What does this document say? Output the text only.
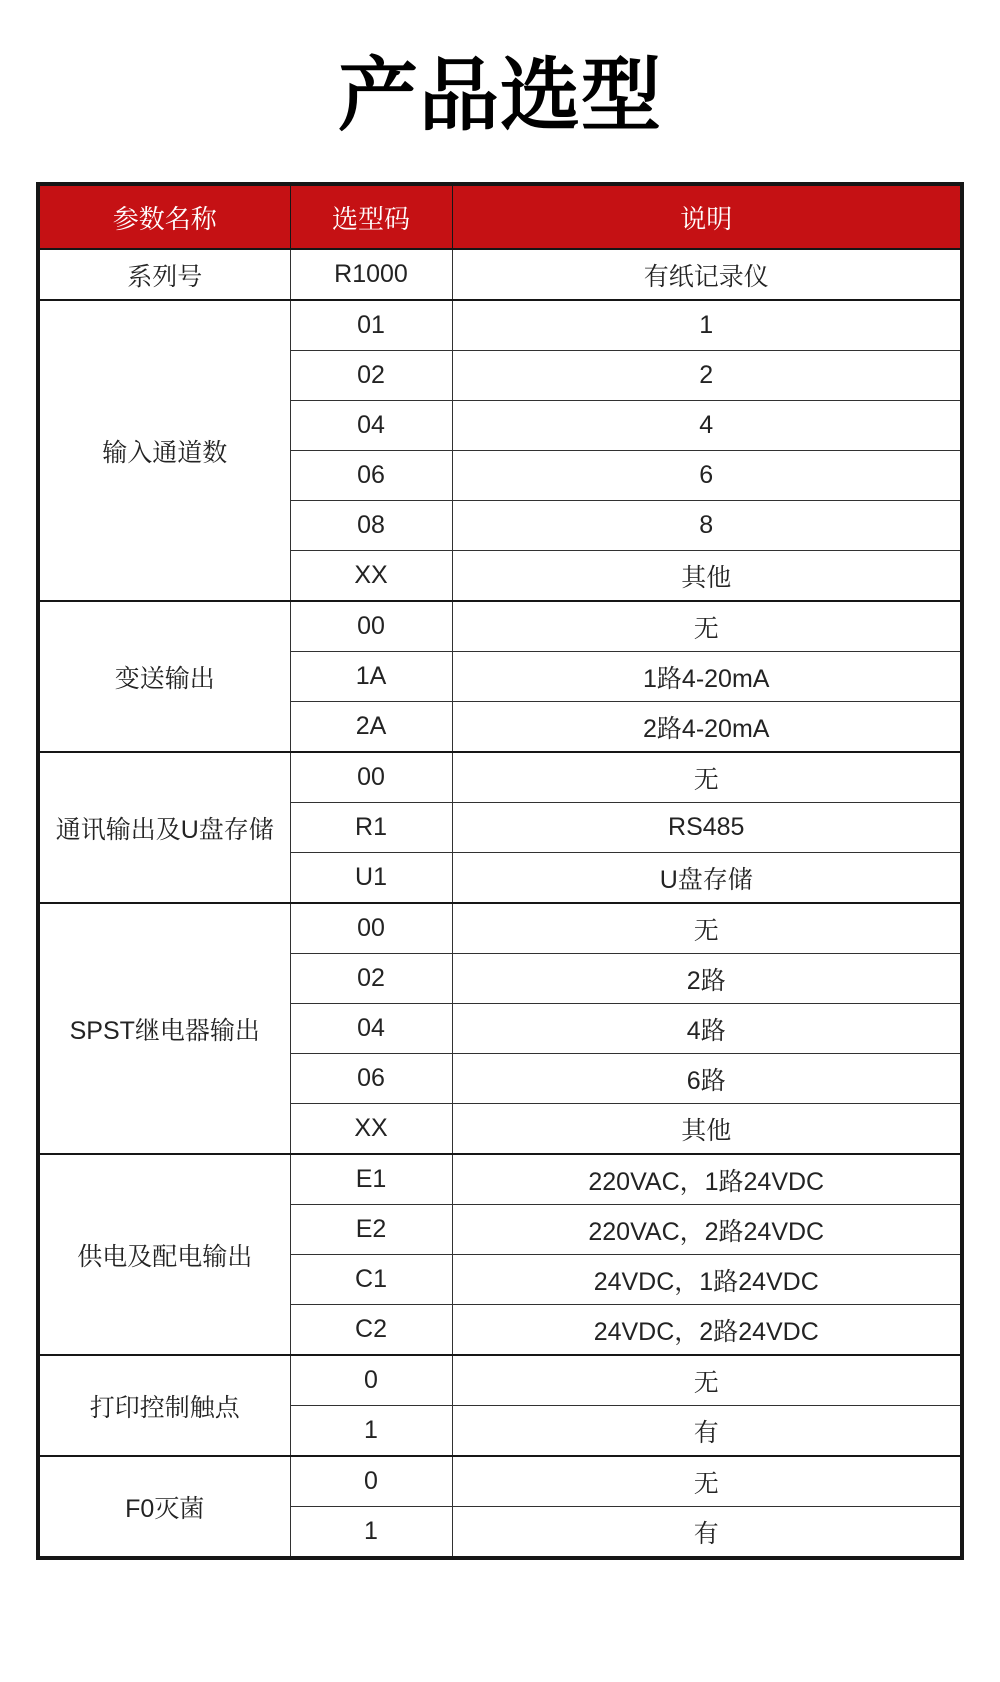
产品选型
参数名称	选型码	说明
系列号	R1000	有纸记录仪
输入通道数	01	1
	02	2
	04	4
	06	6
	08	8
	XX	其他
变送输出	00	无
	1A	1路4-20mA
	2A	2路4-20mA
通讯输出及U盘存储	00	无
	R1	RS485
	U1	U盘存储
SPST继电器输出	00	无
	02	2路
	04	4路
	06	6路
	XX	其他
供电及配电输出	E1	220VAC，1路24VDC
	E2	220VAC，2路24VDC
	C1	24VDC，1路24VDC
	C2	24VDC，2路24VDC
打印控制触点	0	无
	1	有
F0灭菌	0	无
	1	有
